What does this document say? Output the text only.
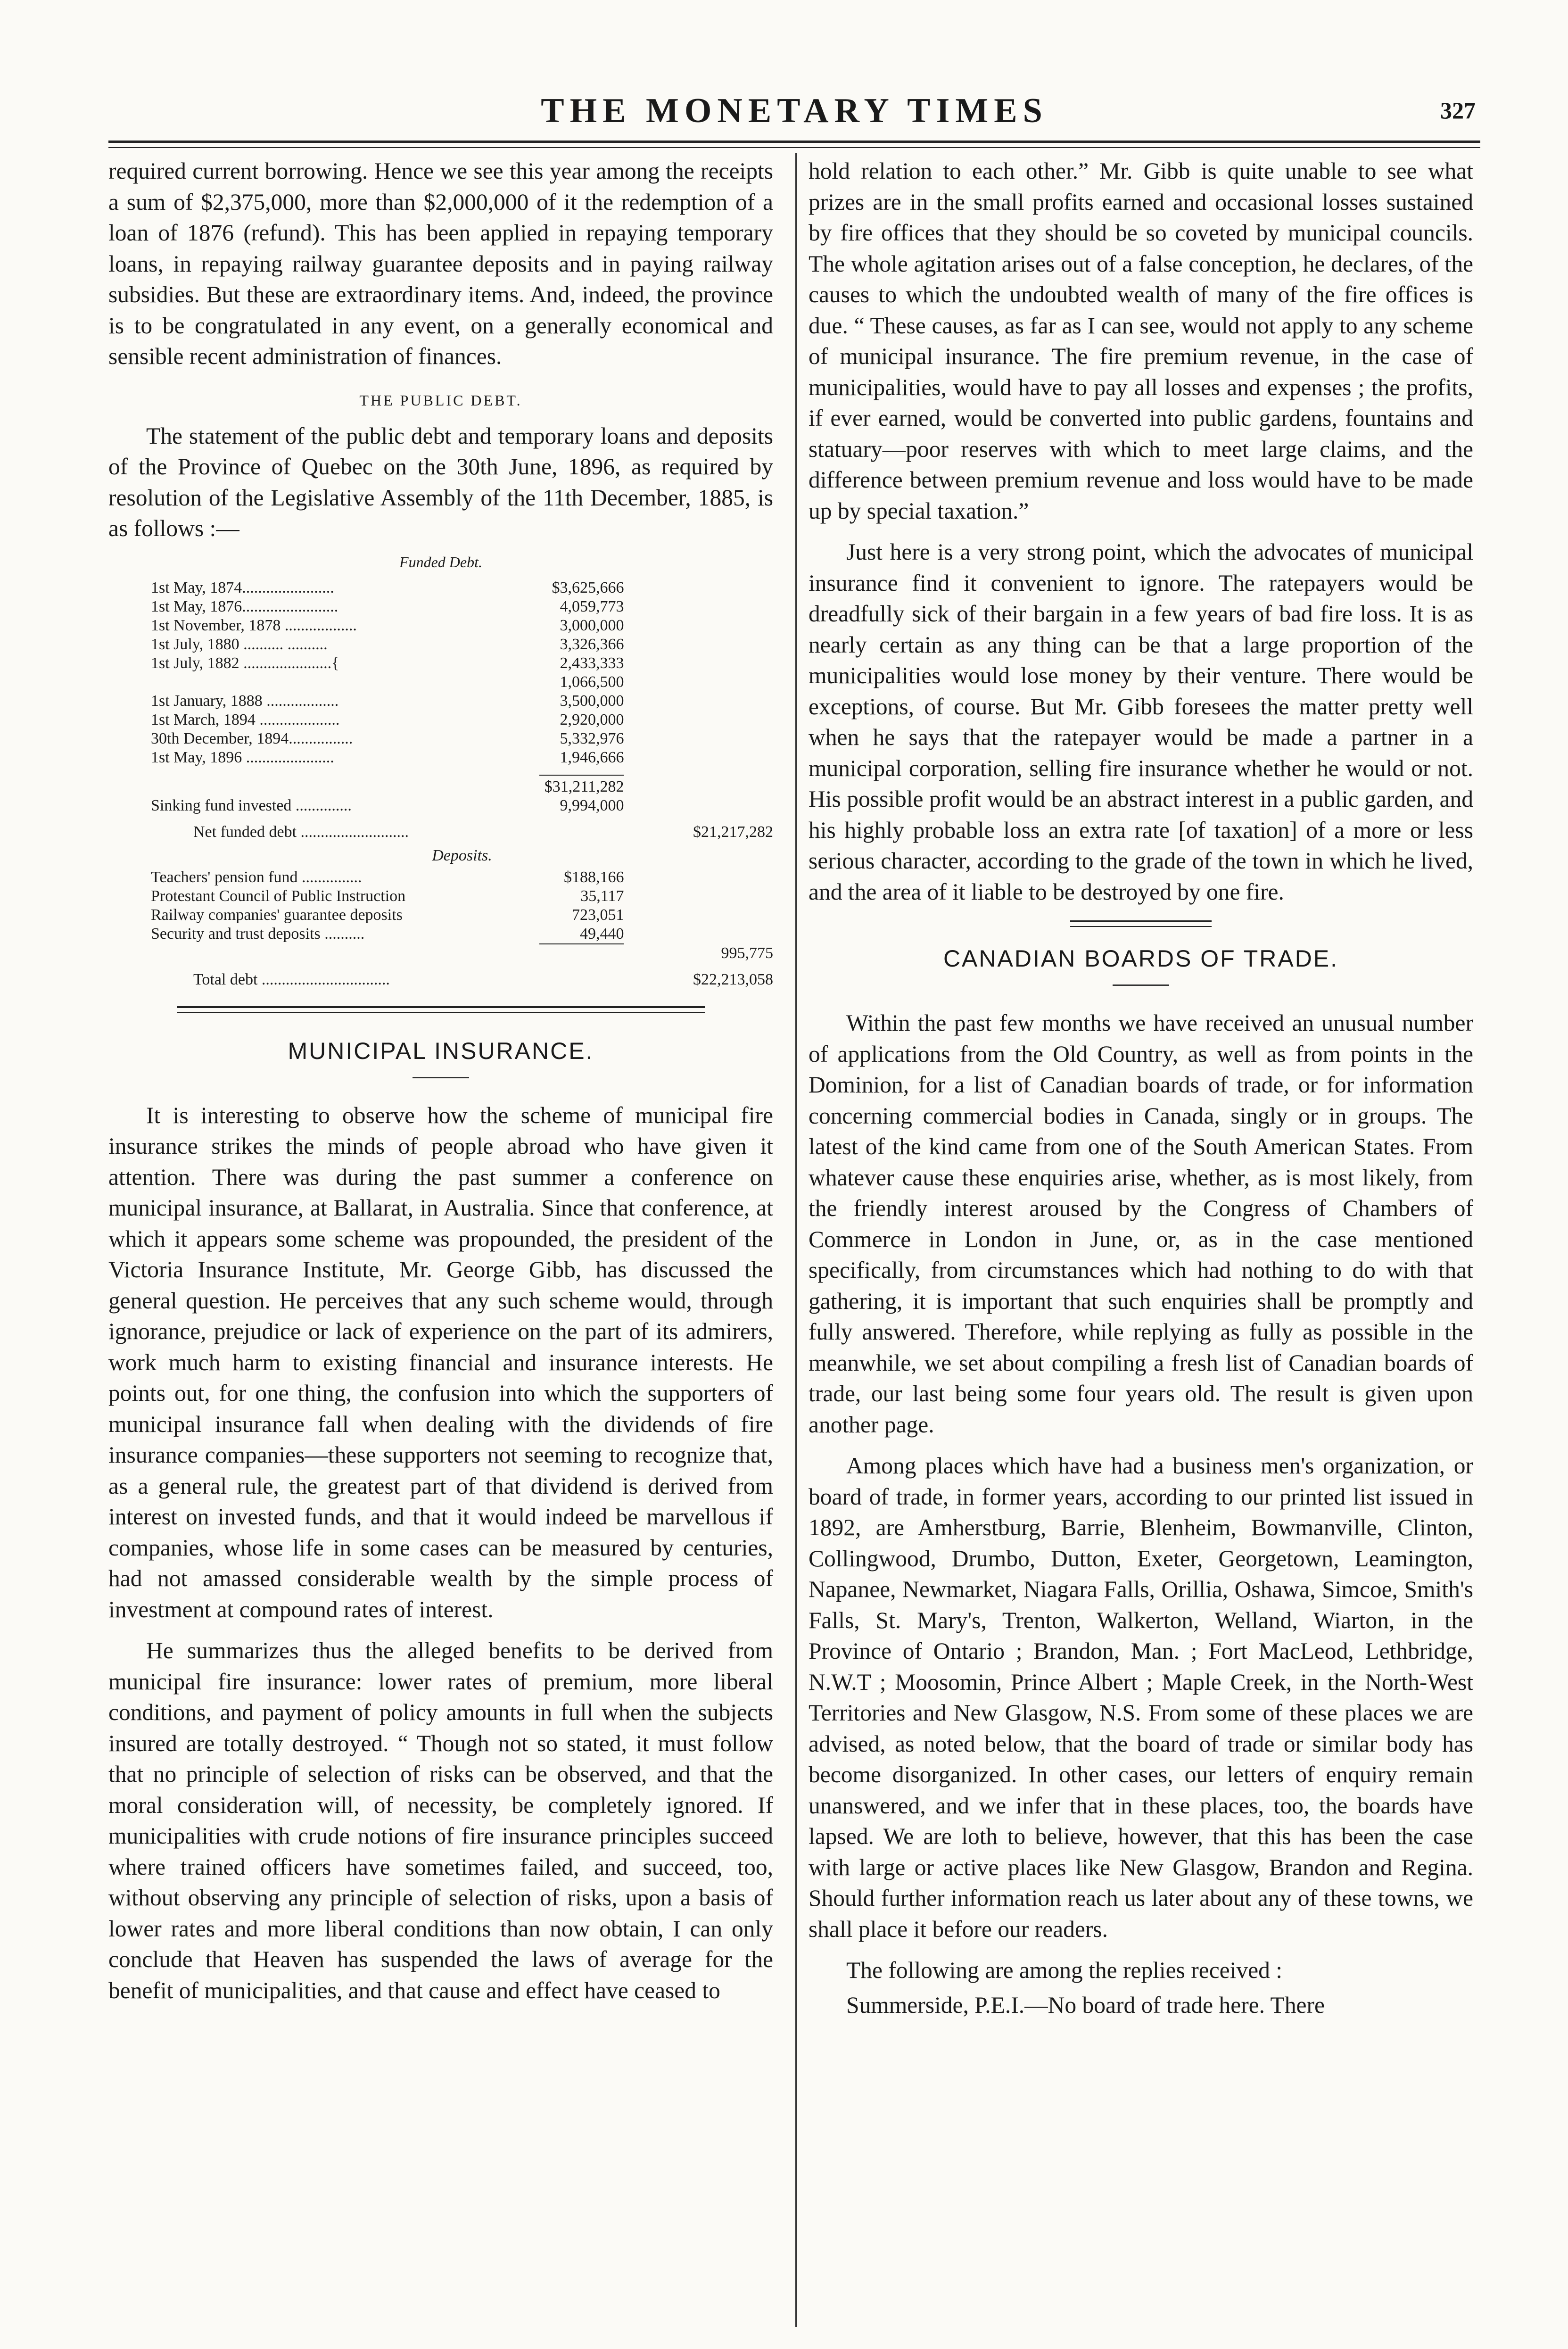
THE MONETARY TIMES	327

required current borrowing. Hence we see this year among the receipts a sum of $2,375,000, more than $2,000,000 of it the redemption of a loan of 1876 (refund). This has been applied in repaying temporary loans, in repaying railway guarantee deposits and in paying railway subsidies. But these are extraordinary items. And, indeed, the province is to be congratulated in any event, on a generally economical and sensible recent administration of finances.

THE PUBLIC DEBT.

The statement of the public debt and temporary loans and deposits of the Province of Quebec on the 30th June, 1896, as required by resolution of the Legislative Assembly of the 11th December, 1885, is as follows :—

Funded Debt.
1st May, 1874.......................	$3,625,666	
1st May, 1876........................	4,059,773	
1st November, 1878 ..................	3,000,000	
1st July, 1880 .......... ..........	3,326,366	
1st July, 1882 ......................{	2,433,333	
	1,066,500	
1st January, 1888 ..................	3,500,000	
1st March, 1894 ....................	2,920,000	
30th December, 1894................	5,332,976	
1st May, 1896 ......................	1,946,666	

	$31,211,282	
Sinking fund invested ..............	9,994,000	

Net funded debt ...........................		$21,217,282
Deposits.		
Teachers' pension fund ...............	$188,166	
Protestant Council of Public Instruction	35,117	
Railway companies' guarantee deposits	723,051	
Security and trust deposits ..........	49,440	
		995,775

Total debt ................................		$22,213,058
MUNICIPAL INSURANCE.

It is interesting to observe how the scheme of municipal fire insurance strikes the minds of people abroad who have given it attention. There was during the past summer a conference on municipal insurance, at Ballarat, in Australia. Since that conference, at which it appears some scheme was propounded, the president of the Victoria Insurance Institute, Mr. George Gibb, has discussed the general question. He perceives that any such scheme would, through ignorance, prejudice or lack of experience on the part of its admirers, work much harm to existing financial and insurance interests. He points out, for one thing, the confusion into which the supporters of municipal insurance fall when dealing with the dividends of fire insurance companies—these supporters not seeming to recognize that, as a general rule, the greatest part of that dividend is derived from interest on invested funds, and that it would indeed be marvellous if companies, whose life in some cases can be measured by centuries, had not amassed considerable wealth by the simple process of investment at compound rates of interest.

He summarizes thus the alleged benefits to be derived from municipal fire insurance: lower rates of premium, more liberal conditions, and payment of policy amounts in full when the subjects insured are totally destroyed. “ Though not so stated, it must follow that no principle of selection of risks can be observed, and that the moral consideration will, of necessity, be completely ignored. If municipalities with crude notions of fire insurance principles succeed where trained officers have sometimes failed, and succeed, too, without observing any principle of selection of risks, upon a basis of lower rates and more liberal conditions than now obtain, I can only conclude that Heaven has suspended the laws of average for the benefit of municipalities, and that cause and effect have ceased to

hold relation to each other.” Mr. Gibb is quite unable to see what prizes are in the small profits earned and occasional losses sustained by fire offices that they should be so coveted by municipal councils. The whole agitation arises out of a false conception, he declares, of the causes to which the undoubted wealth of many of the fire offices is due. “ These causes, as far as I can see, would not apply to any scheme of municipal insurance. The fire premium revenue, in the case of municipalities, would have to pay all losses and expenses ; the profits, if ever earned, would be converted into public gardens, fountains and statuary—poor reserves with which to meet large claims, and the difference between premium revenue and loss would have to be made up by special taxation.”

Just here is a very strong point, which the advocates of municipal insurance find it convenient to ignore. The ratepayers would be dreadfully sick of their bargain in a few years of bad fire loss. It is as nearly certain as any thing can be that a large proportion of the municipalities would lose money by their venture. There would be exceptions, of course. But Mr. Gibb foresees the matter pretty well when he says that the ratepayer would be made a partner in a municipal corporation, selling fire insurance whether he would or not. His possible profit would be an abstract interest in a public garden, and his highly probable loss an extra rate [of taxation] of a more or less serious character, according to the grade of the town in which he lived, and the area of it liable to be destroyed by one fire.

CANADIAN BOARDS OF TRADE.

Within the past few months we have received an unusual number of applications from the Old Country, as well as from points in the Dominion, for a list of Canadian boards of trade, or for information concerning commercial bodies in Canada, singly or in groups. The latest of the kind came from one of the South American States. From whatever cause these enquiries arise, whether, as is most likely, from the friendly interest aroused by the Congress of Chambers of Commerce in London in June, or, as in the case mentioned specifically, from circumstances which had nothing to do with that gathering, it is important that such enquiries shall be promptly and fully answered. Therefore, while replying as fully as possible in the meanwhile, we set about compiling a fresh list of Canadian boards of trade, our last being some four years old. The result is given upon another page.

Among places which have had a business men's organization, or board of trade, in former years, according to our printed list issued in 1892, are Amherstburg, Barrie, Blenheim, Bowmanville, Clinton, Collingwood, Drumbo, Dutton, Exeter, Georgetown, Leamington, Napanee, Newmarket, Niagara Falls, Orillia, Oshawa, Simcoe, Smith's Falls, St. Mary's, Trenton, Walkerton, Welland, Wiarton, in the Province of Ontario ; Brandon, Man. ; Fort MacLeod, Lethbridge, N.W.T ; Moosomin, Prince Albert ; Maple Creek, in the North-West Territories and New Glasgow, N.S. From some of these places we are advised, as noted below, that the board of trade or similar body has become disorganized. In other cases, our letters of enquiry remain unanswered, and we infer that in these places, too, the boards have lapsed. We are loth to believe, however, that this has been the case with large or active places like New Glasgow, Brandon and Regina. Should further information reach us later about any of these towns, we shall place it before our readers.

The following are among the replies received :

Summerside, P.E.I.—No board of trade here. There
